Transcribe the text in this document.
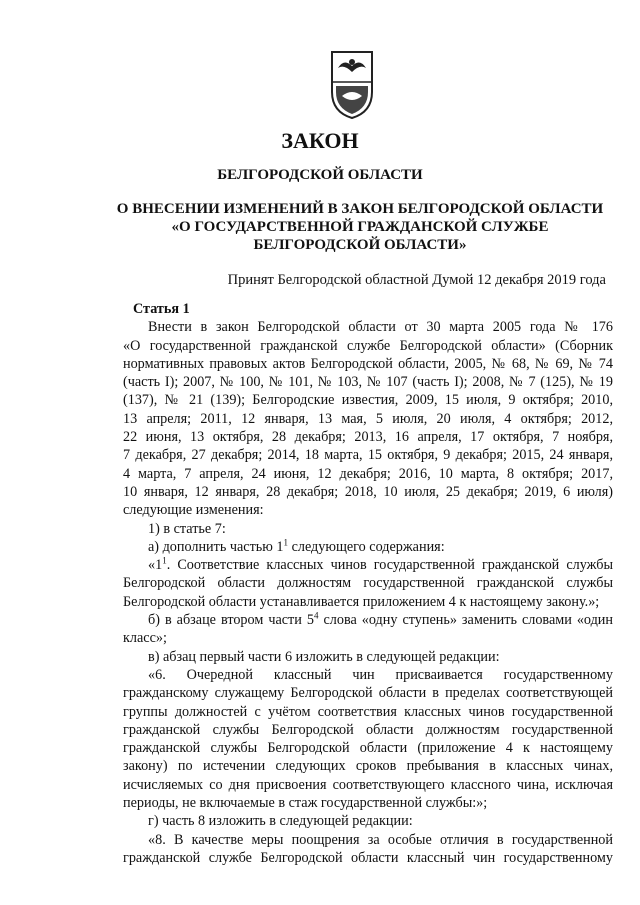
ЗАКОН
БЕЛГОРОДСКОЙ ОБЛАСТИ
О ВНЕСЕНИИ ИЗМЕНЕНИЙ В ЗАКОН БЕЛГОРОДСКОЙ ОБЛАСТИ
«О ГОСУДАРСТВЕННОЙ ГРАЖДАНСКОЙ СЛУЖБЕ
БЕЛГОРОДСКОЙ ОБЛАСТИ»
Принят Белгородской областной Думой 12 декабря 2019 года

Статья 1

Внести в закон Белгородской области от 30 марта 2005 года № 176

«О государственной гражданской службе Белгородской области» (Сборник

нормативных правовых актов Белгородской области, 2005, № 68, № 69, № 74

(часть I); 2007, № 100, № 101, № 103, № 107 (часть I); 2008, № 7 (125), № 19

(137), № 21 (139); Белгородские известия, 2009, 15 июля, 9 октября; 2010,

13 апреля; 2011, 12 января, 13 мая, 5 июля, 20 июля, 4 октября; 2012,

22 июня, 13 октября, 28 декабря; 2013, 16 апреля, 17 октября, 7 ноября,

7 декабря, 27 декабря; 2014, 18 марта, 15 октября, 9 декабря; 2015, 24 января,

4 марта, 7 апреля, 24 июня, 12 декабря; 2016, 10 марта, 8 октября; 2017,

10 января, 12 января, 28 декабря; 2018, 10 июля, 25 декабря; 2019, 6 июля)

следующие изменения:

1) в статье 7:

а) дополнить частью $1^1$ следующего содержания:

«$1^1$. Соответствие классных чинов государственной гражданской службы

Белгородской области должностям государственной гражданской службы

Белгородской области устанавливается приложением 4 к настоящему закону.»;

б) в абзаце втором части $5^4$ слова «одну ступень» заменить словами «один

класс»;

в) абзац первый части 6 изложить в следующей редакции:

«6. Очередной классный чин присваивается государственному

гражданскому служащему Белгородской области в пределах соответствующей

группы должностей с учётом соответствия классных чинов государственной

гражданской службы Белгородской области должностям государственной

гражданской службы Белгородской области (приложение 4 к настоящему

закону) по истечении следующих сроков пребывания в классных чинах,

исчисляемых со дня присвоения соответствующего классного чина, исключая

периоды, не включаемые в стаж государственной службы:»;

г) часть 8 изложить в следующей редакции:

«8. В качестве меры поощрения за особые отличия в государственной

гражданской службе Белгородской области классный чин государственному
